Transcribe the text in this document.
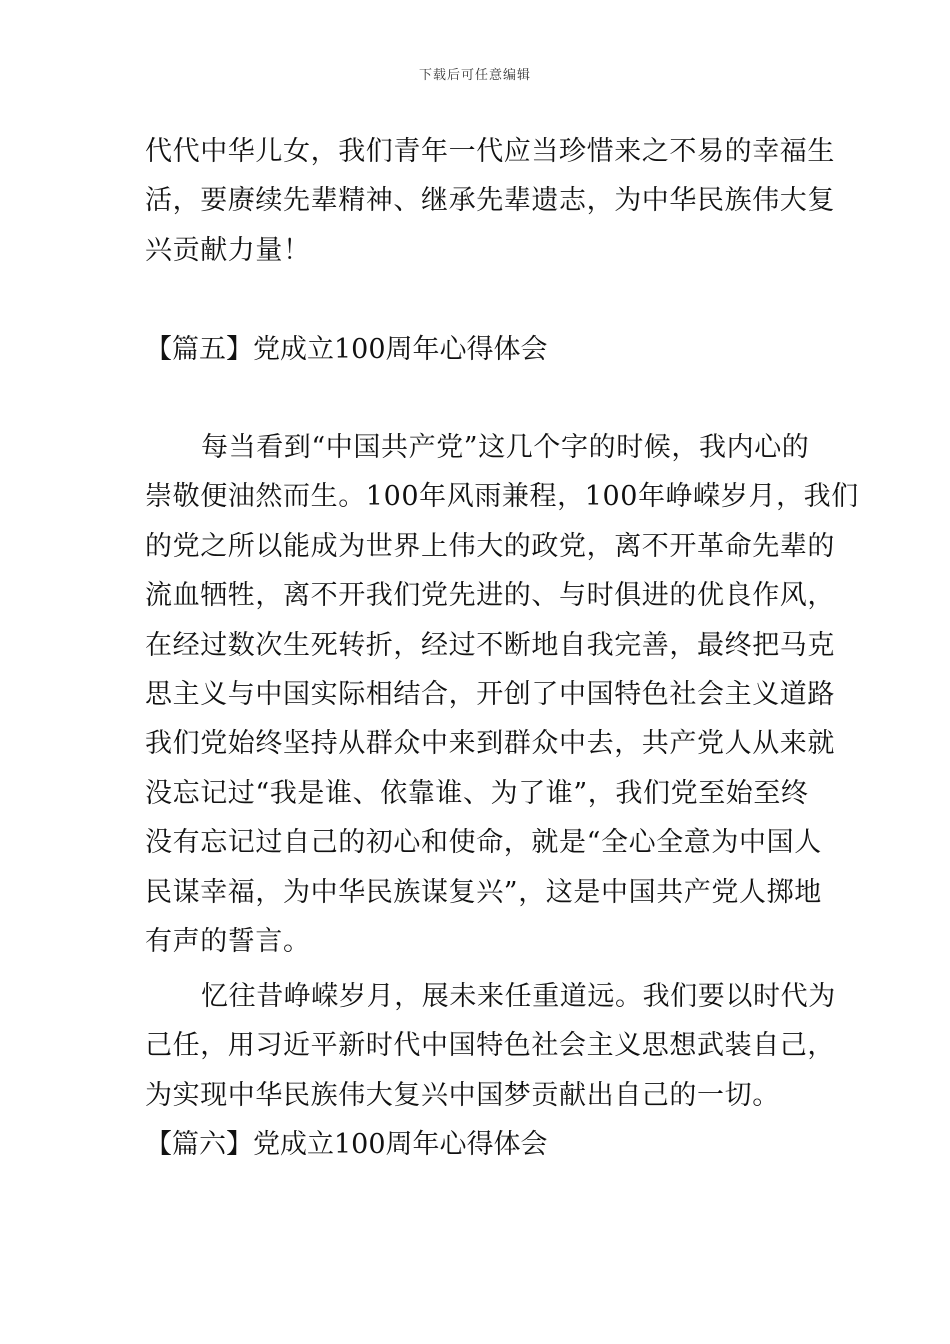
下载后可任意编辑
代代中华儿女，我们青年一代应当珍惜来之不易的幸福生
活，要赓续先辈精神、继承先辈遗志，为中华民族伟大复
兴贡献力量！
【篇五】党成立100周年心得体会
每当看到“中国共产党”这几个字的时候，我内心的
崇敬便油然而生。100年风雨兼程，100年峥嵘岁月，我们
的党之所以能成为世界上伟大的政党，离不开革命先辈的
流血牺牲，离不开我们党先进的、与时俱进的优良作风，
在经过数次生死转折，经过不断地自我完善，最终把马克
思主义与中国实际相结合，开创了中国特色社会主义道路
我们党始终坚持从群众中来到群众中去，共产党人从来就
没忘记过“我是谁、依靠谁、为了谁”，我们党至始至终
没有忘记过自己的初心和使命，就是“全心全意为中国人
民谋幸福，为中华民族谋复兴”，这是中国共产党人掷地
有声的誓言。
忆往昔峥嵘岁月，展未来任重道远。我们要以时代为
己任，用习近平新时代中国特色社会主义思想武装自己，
为实现中华民族伟大复兴中国梦贡献出自己的一切。
【篇六】党成立100周年心得体会
